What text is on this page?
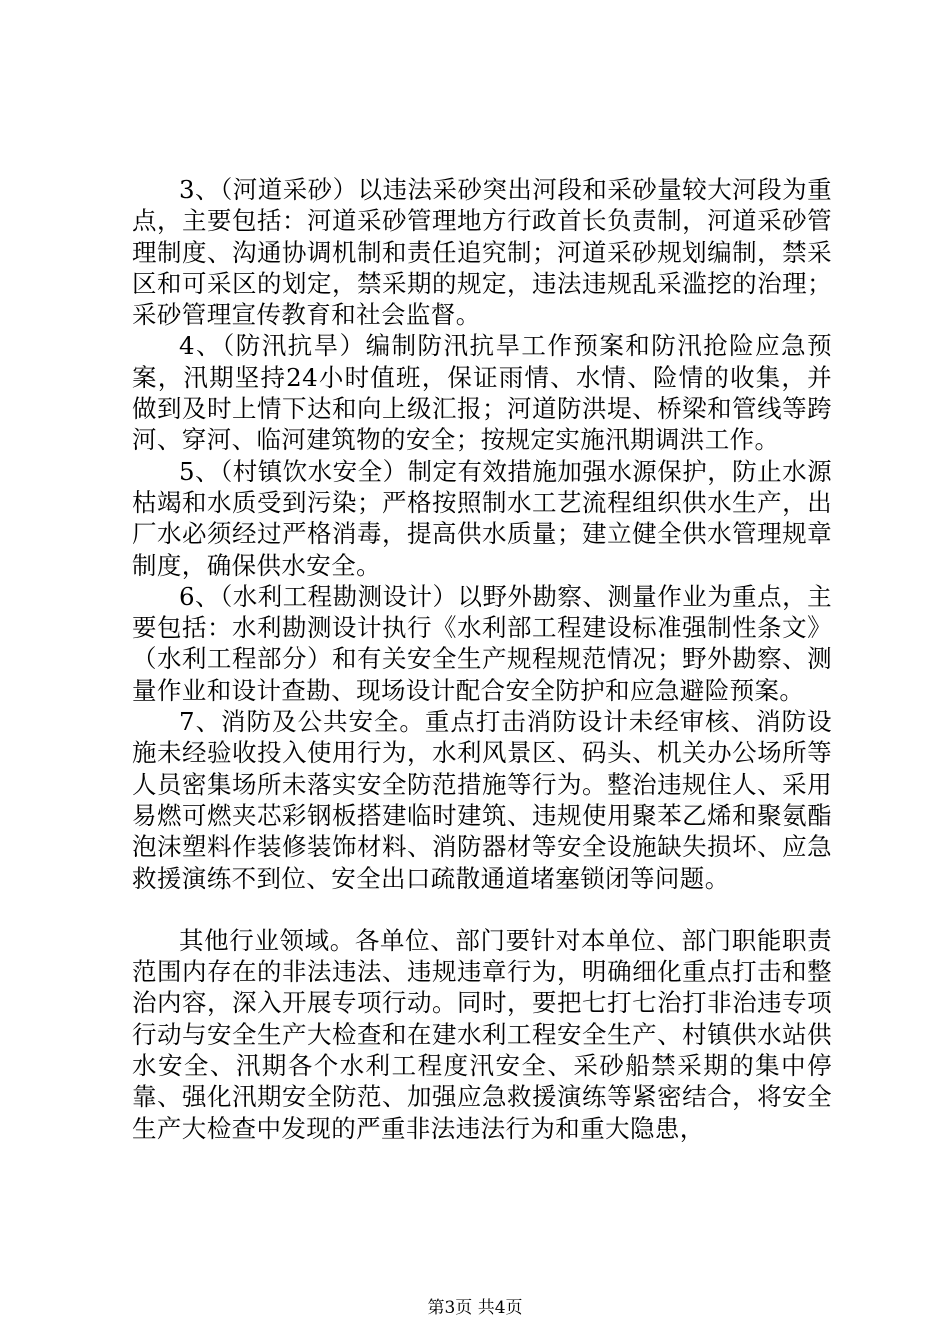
3、（河道采砂）以违法采砂突出河段和采砂量较大河段为重点，主要包括：河道采砂管理地方行政首长负责制，河道采砂管理制度、沟通协调机制和责任追究制；河道采砂规划编制，禁采区和可采区的划定，禁采期的规定，违法违规乱采滥挖的治理；采砂管理宣传教育和社会监督。

4、（防汛抗旱）编制防汛抗旱工作预案和防汛抢险应急预案，汛期坚持24小时值班，保证雨情、水情、险情的收集，并做到及时上情下达和向上级汇报；河道防洪堤、桥梁和管线等跨河、穿河、临河建筑物的安全；按规定实施汛期调洪工作。

5、（村镇饮水安全）制定有效措施加强水源保护，防止水源枯竭和水质受到污染；严格按照制水工艺流程组织供水生产，出厂水必须经过严格消毒，提高供水质量；建立健全供水管理规章制度，确保供水安全。

6、（水利工程勘测设计）以野外勘察、测量作业为重点，主要包括：水利勘测设计执行《水利部工程建设标准强制性条文》（水利工程部分）和有关安全生产规程规范情况；野外勘察、测量作业和设计查勘、现场设计配合安全防护和应急避险预案。

7、消防及公共安全。重点打击消防设计未经审核、消防设施未经验收投入使用行为，水利风景区、码头、机关办公场所等人员密集场所未落实安全防范措施等行为。整治违规住人、采用易燃可燃夹芯彩钢板搭建临时建筑、违规使用聚苯乙烯和聚氨酯泡沫塑料作装修装饰材料、消防器材等安全设施缺失损坏、应急救援演练不到位、安全出口疏散通道堵塞锁闭等问题。

其他行业领域。各单位、部门要针对本单位、部门职能职责范围内存在的非法违法、违规违章行为，明确细化重点打击和整治内容，深入开展专项行动。同时，要把七打七治打非治违专项行动与安全生产大检查和在建水利工程安全生产、村镇供水站供水安全、汛期各个水利工程度汛安全、采砂船禁采期的集中停靠、强化汛期安全防范、加强应急救援演练等紧密结合，将安全生产大检查中发现的严重非法违法行为和重大隐患，

第3页 共4页
